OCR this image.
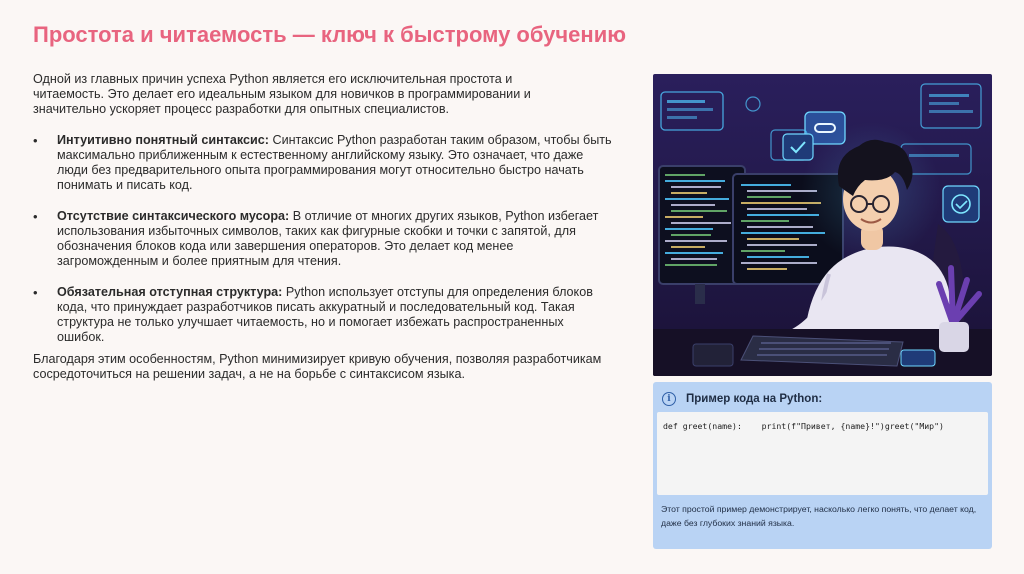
Простота и читаемость — ключ к быстрому обучению

Одной из главных причин успеха Python является его исключительная простота и читаемость. Это делает его идеальным языком для новичков в программировании и значительно ускоряет процесс разработки для опытных специалистов.

•
Интуитивно понятный синтаксис: Синтаксис Python разработан таким образом, чтобы быть максимально приближенным к естественному английскому языку. Это означает, что даже люди без предварительного опыта программирования могут относительно быстро начать понимать и писать код.
•
Отсутствие синтаксического мусора: В отличие от многих других языков, Python избегает использования избыточных символов, таких как фигурные скобки и точки с запятой, для обозначения блоков кода или завершения операторов. Это делает код менее загроможденным и более приятным для чтения.
•
Обязательная отступная структура: Python использует отступы для определения блоков кода, что принуждает разработчиков писать аккуратный и последовательный код. Такая структура не только улучшает читаемость, но и помогает избежать распространенных ошибок.

Благодаря этим особенностям, Python минимизирует кривую обучения, позволяя разработчикам сосредоточиться на решении задач, а не на борьбе с синтаксисом языка.

i	Пример кода на Python:
def greet(name):    print(f"Привет, {name}!")greet("Мир")
Этот простой пример демонстрирует, насколько легко понять, что делает код, даже без глубоких знаний языка.
